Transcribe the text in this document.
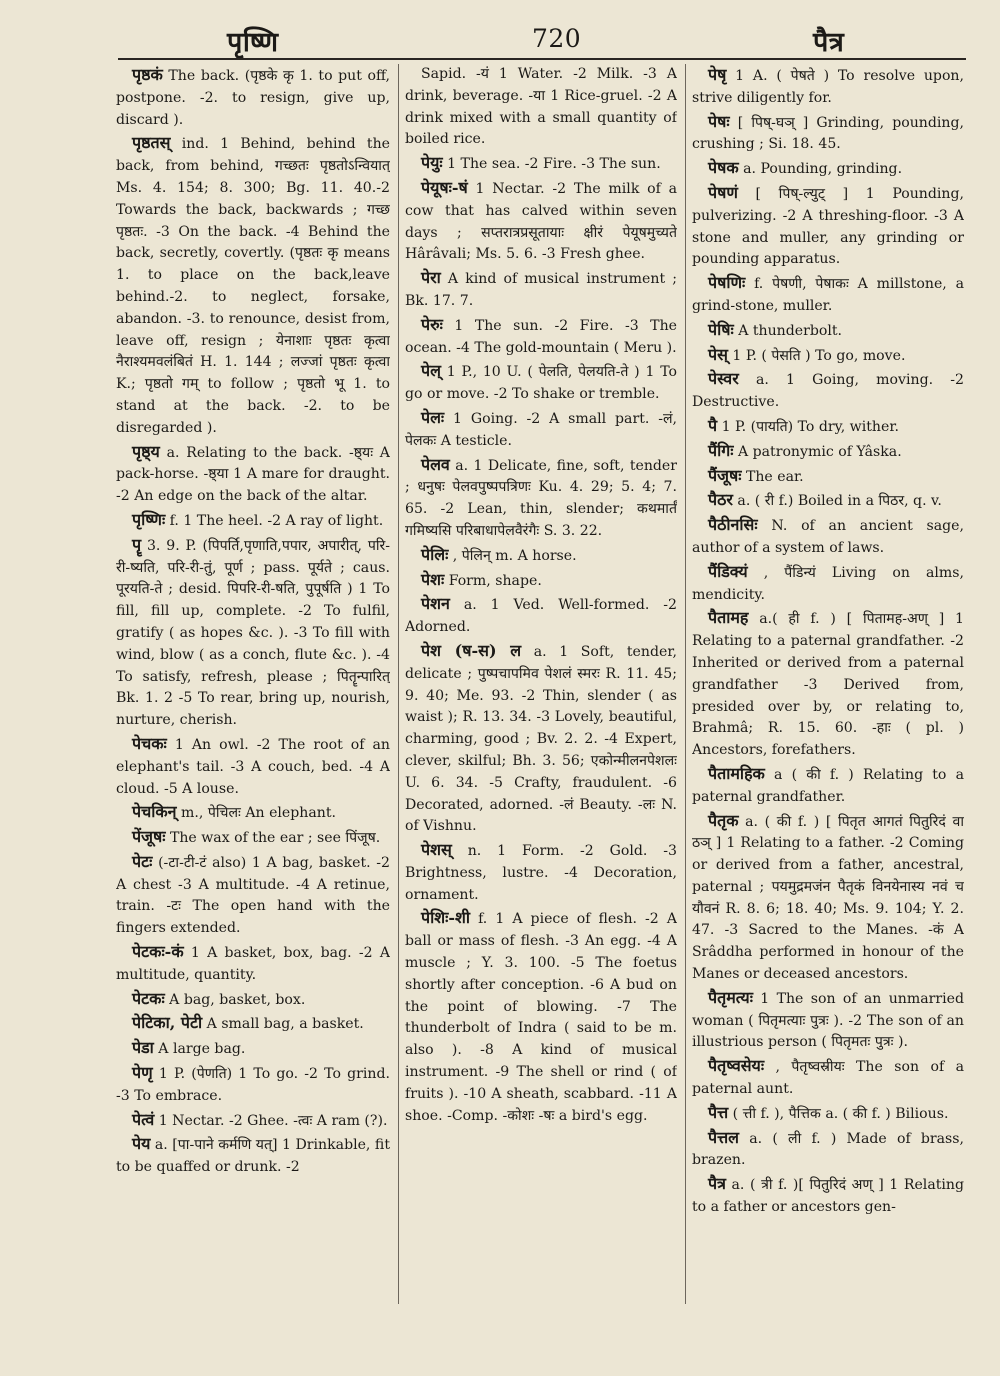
पृष्णि	720	पैत्र

पृष्ठकं The back. (पृष्ठके कृ 1. to put off, postpone. -2. to resign, give up, discard ).

पृष्ठतस् ind. 1 Behind, behind the back, from behind, गच्छतः पृष्ठतोऽन्वियात् Ms. 4. 154; 8. 300; Bg. 11. 40.-2 Towards the back, backwards ; गच्छ पृष्ठतः. -3 On the back. -4 Behind the back, secretly, covertly. (पृष्ठतः कृ means 1. to place on the back,leave behind.-2. to neglect, forsake, abandon. -3. to renounce, desist from, leave off, resign ; येनाशाः पृष्ठतः कृत्वा नैराश्यमवलंबितं H. 1. 144 ; लज्जां पृष्ठतः कृत्वा K.; पृष्ठतो गम् to follow ; पृष्ठतो भू 1. to stand at the back. -2. to be disregarded ).

पृष्ठ्य a. Relating to the back. -ष्ठ्यः A pack-horse. -ष्ठ्या 1 A mare for draught. -2 An edge on the back of the altar.

पृष्णिः f. 1 The heel. -2 A ray of light.

पॄ 3. 9. P. (पिपर्ति,पृणाति,पपार, अपारीत्, परि-री-ष्यति, परि-री-तुं, पूर्ण ; pass. पूर्यते ; caus. पूरयति-ते ; desid. पिपरि-री-षति, पुपूर्षति ) 1 To fill, fill up, complete. -2 To fulfil, gratify ( as hopes &c. ). -3 To fill with wind, blow ( as a conch, flute &c. ). -4 To satisfy, refresh, please ; पितॄन्पारित् Bk. 1. 2 -5 To rear, bring up, nourish, nurture, cherish.

पेचकः 1 An owl. -2 The root of an elephant's tail. -3 A couch, bed. -4 A cloud. -5 A louse.

पेचकिन् m., पेचिलः An elephant.

पेंजूषः The wax of the ear ; see पिंजूष.

पेटः (-टा-टी-टं also) 1 A bag, basket. -2 A chest -3 A multitude. -4 A retinue, train. -टः The open hand with the fingers extended.

पेटकः-कं 1 A basket, box, bag. -2 A multitude, quantity.

पेटकः A bag, basket, box.

पेटिका, पेटी A small bag, a basket.

पेडा A large bag.

पेणृ 1 P. (पेणति) 1 To go. -2 To grind. -3 To embrace.

पेत्वं 1 Nectar. -2 Ghee. -त्वः A ram (?).

पेय a. [पा-पाने कर्मणि यत्] 1 Drinkable, fit to be quaffed or drunk. -2

Sapid. -यं 1 Water. -2 Milk. -3 A drink, beverage. -या 1 Rice-gruel. -2 A drink mixed with a small quantity of boiled rice.

पेयुः 1 The sea. -2 Fire. -3 The sun.

पेयूषः-षं 1 Nectar. -2 The milk of a cow that has calved within seven days ; सप्तरात्रप्रसूतायाः क्षीरं पेयूषमुच्यते Hârâvali; Ms. 5. 6. -3 Fresh ghee.

पेरा A kind of musical instrument ; Bk. 17. 7.

पेरुः 1 The sun. -2 Fire. -3 The ocean. -4 The gold-mountain ( Meru ).

पेल् 1 P., 10 U. ( पेलति, पेलयति-ते ) 1 To go or move. -2 To shake or tremble.

पेलः 1 Going. -2 A small part. -लं, पेलकः A testicle.

पेलव a. 1 Delicate, fine, soft, tender ; धनुषः पेलवपुष्पपत्रिणः Ku. 4. 29; 5. 4; 7. 65. -2 Lean, thin, slender; कथमार्तं गमिष्यसि परिबाधापेलवैरंगैः S. 3. 22.

पेलिः , पेलिन् m. A horse.

पेशः Form, shape.

पेशन a. 1 Ved. Well-formed. -2 Adorned.

पेश (ष-स) ल a. 1 Soft, tender, delicate ; पुष्पचापमिव पेशलं स्मरः R. 11. 45; 9. 40; Me. 93. -2 Thin, slender ( as waist ); R. 13. 34. -3 Lovely, beautiful, charming, good ; Bv. 2. 2. -4 Expert, clever, skilful; Bh. 3. 56; एकोन्मीलनपेशलः U. 6. 34. -5 Crafty, fraudulent. -6 Decorated, adorned. -लं Beauty. -लः N. of Vishnu.

पेशस् n. 1 Form. -2 Gold. -3 Brightness, lustre. -4 Decoration, ornament.

पेशिः-शी f. 1 A piece of flesh. -2 A ball or mass of flesh. -3 An egg. -4 A muscle ; Y. 3. 100. -5 The foetus shortly after conception. -6 A bud on the point of blowing. -7 The thunderbolt of Indra ( said to be m. also ). -8 A kind of musical instrument. -9 The shell or rind ( of fruits ). -10 A sheath, scabbard. -11 A shoe. -Comp. -कोशः -षः a bird's egg.

पेषृ 1 A. ( पेषते ) To resolve upon, strive diligently for.

पेषः [ पिष्-घञ् ] Grinding, pounding, crushing ; Si. 18. 45.

पेषक a. Pounding, grinding.

पेषणं [ पिष्-ल्युट् ] 1 Pounding, pulverizing. -2 A threshing-floor. -3 A stone and muller, any grinding or pounding apparatus.

पेषणिः f. पेषणी, पेषाकः A millstone, a grind-stone, muller.

पेषिः A thunderbolt.

पेस् 1 P. ( पेसति ) To go, move.

पेस्वर a. 1 Going, moving. -2 Destructive.

पै 1 P. (पायति) To dry, wither.

पैंगिः A patronymic of Yâska.

पैंजूषः The ear.

पैठर a. ( री f.) Boiled in a पिठर, q. v.

पैठीनसिः N. of an ancient sage, author of a system of laws.

पैंडिक्यं , पैंडिन्यं Living on alms, mendicity.

पैतामह a.( ही f. ) [ पितामह-अण् ] 1 Relating to a paternal grandfather. -2 Inherited or derived from a paternal grandfather -3 Derived from, presided over by, or relating to, Brahmâ; R. 15. 60. -हाः ( pl. ) Ancestors, forefathers.

पैतामहिक a ( की f. ) Relating to a paternal grandfather.

पैतृक a. ( की f. ) [ पितृत आगतं पितुरिदं वा ठञ् ] 1 Relating to a father. -2 Coming or derived from a father, ancestral, paternal ; पयमुद्रमजंन पैतृकं विनयेनास्य नवं च यौवनं R. 8. 6; 18. 40; Ms. 9. 104; Y. 2. 47. -3 Sacred to the Manes. -कं A Srâddha performed in honour of the Manes or deceased ancestors.

पैतृमत्यः 1 The son of an unmarried woman ( पितृमत्याः पुत्रः ). -2 The son of an illustrious person ( पितृमतः पुत्रः ).

पैतृष्वसेयः , पैतृष्वस्रीयः The son of a paternal aunt.

पैत्त ( त्ती f. ), पैत्तिक a. ( की f. ) Bilious.

पैत्तल a. ( ली f. ) Made of brass, brazen.

पैत्र a. ( त्री f. )[ पितुरिदं अण् ] 1 Relating to a father or ancestors gen-
